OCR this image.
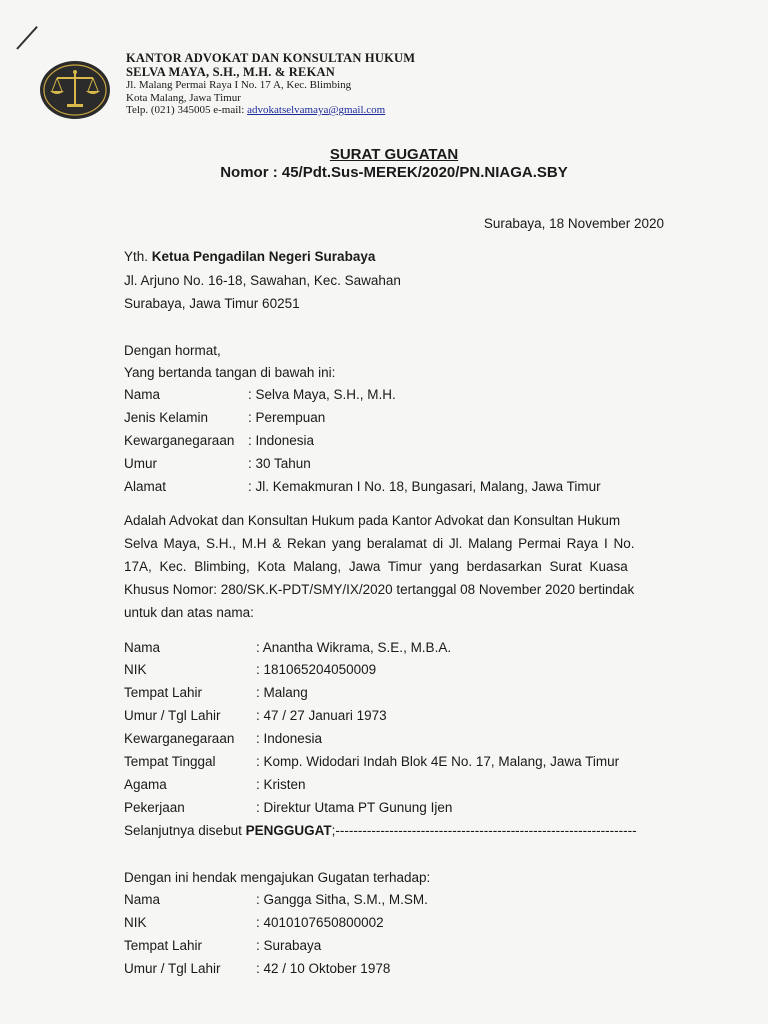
KANTOR ADVOKAT DAN KONSULTAN HUKUM
SELVA MAYA, S.H., M.H. & REKAN
Jl. Malang Permai Raya I No. 17 A, Kec. Blimbing
Kota Malang, Jawa Timur
Telp. (021) 345005 e-mail: advokatselvamaya@gmail.com
SURAT GUGATAN
Nomor : 45/Pdt.Sus-MEREK/2020/PN.NIAGA.SBY
Surabaya, 18 November 2020
Yth. Ketua Pengadilan Negeri Surabaya
Jl. Arjuno No. 16-18, Sawahan, Kec. Sawahan
Surabaya, Jawa Timur 60251
Dengan hormat,
Yang bertanda tangan di bawah ini:
Nama	: Selva Maya, S.H., M.H.
Jenis Kelamin	: Perempuan
Kewarganegaraan : Indonesia
Umur	: 30 Tahun
Alamat	: Jl. Kemakmuran I No. 18, Bungasari, Malang, Jawa Timur
Adalah Advokat dan Konsultan Hukum pada Kantor Advokat dan Konsultan Hukum
Selva Maya, S.H., M.H & Rekan yang beralamat di Jl. Malang Permai Raya I No.
17A, Kec. Blimbing, Kota Malang, Jawa Timur yang berdasarkan Surat Kuasa
Khusus Nomor: 280/SK.K-PDT/SMY/IX/2020 tertanggal 08 November 2020 bertindak
untuk dan atas nama:
Nama	: Anantha Wikrama, S.E., M.B.A.
NIK	: 181065204050009
Tempat Lahir	: Malang
Umur / Tgl Lahir	: 47 / 27 Januari 1973
Kewarganegaraan : Indonesia
Tempat Tinggal	: Komp. Widodari Indah Blok 4E No. 17, Malang, Jawa Timur
Agama	: Kristen
Pekerjaan	: Direktur Utama PT Gunung Ijen
Selanjutnya disebut PENGGUGAT;-------------------------------------------------------------------
Dengan ini hendak mengajukan Gugatan terhadap:
Nama	: Gangga Sitha, S.M., M.SM.
NIK	: 4010107650800002
Tempat Lahir	: Surabaya
Umur / Tgl Lahir	: 42 / 10 Oktober 1978
